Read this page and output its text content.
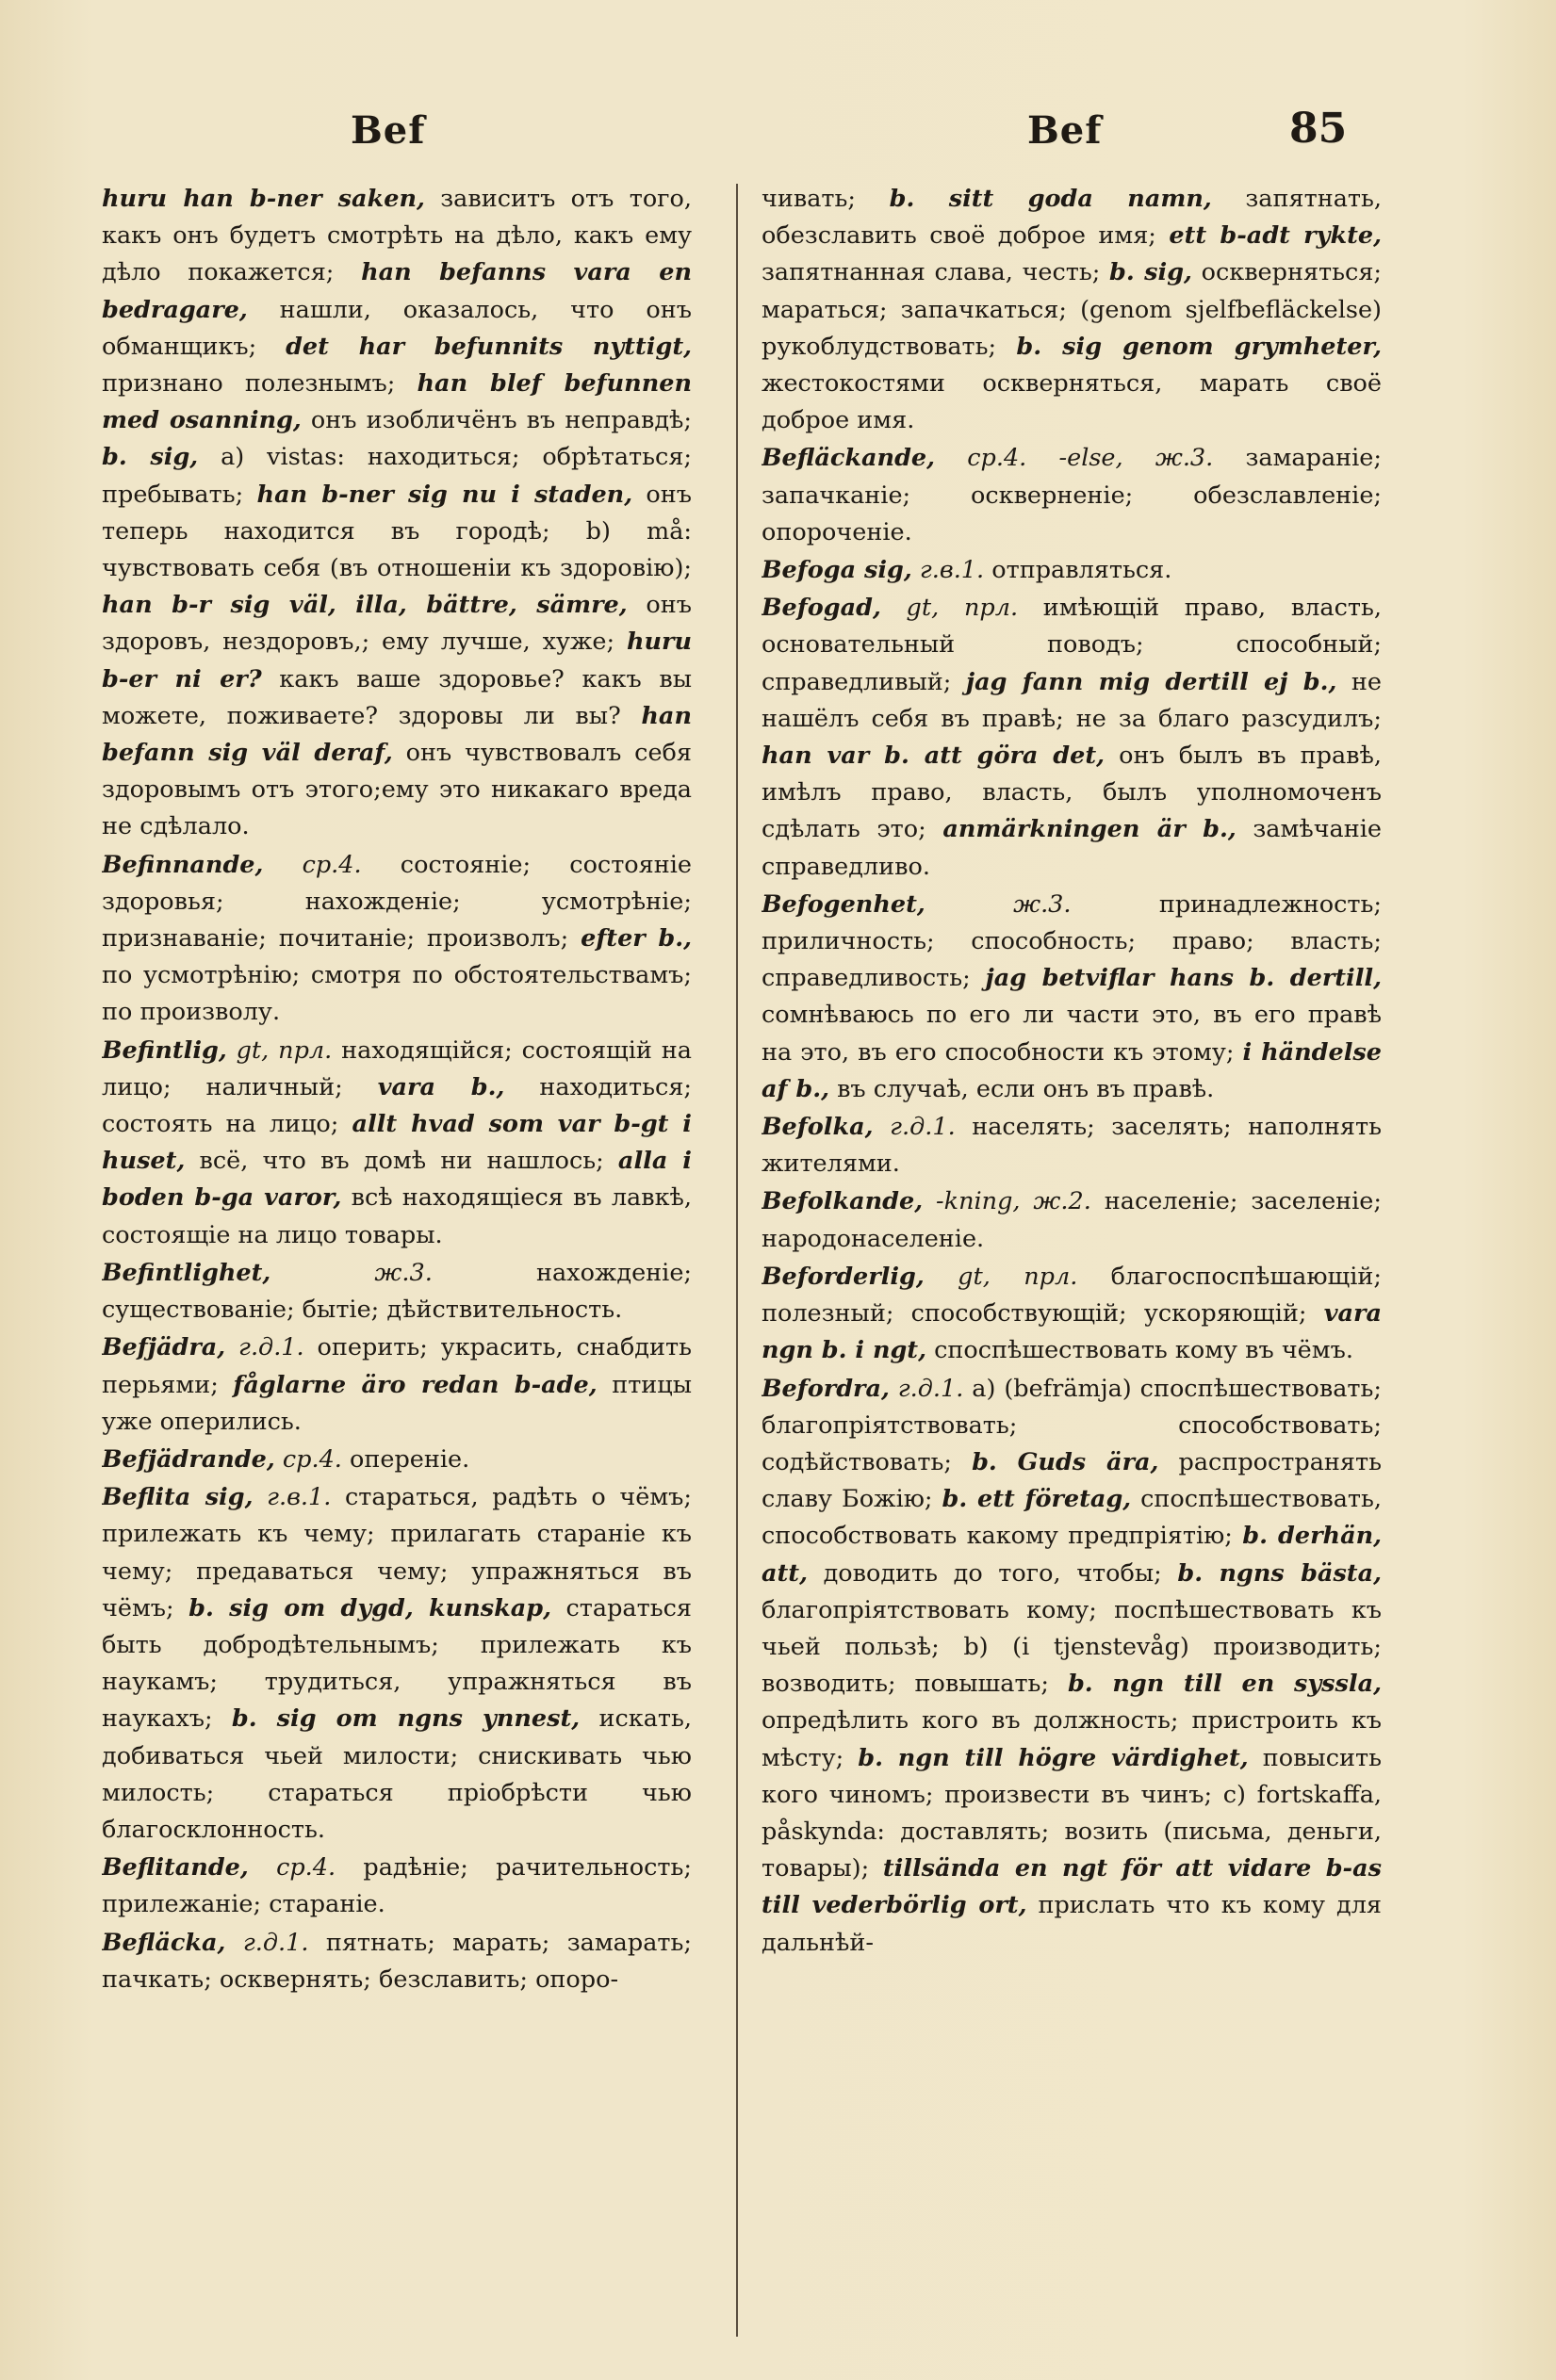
Bef	Bef	85

huru han b-ner saken, зависитъ отъ того, какъ онъ будетъ смотрѣть на дѣло, какъ ему дѣло покажется; han befanns vara en bedragare, нашли, оказалось, что онъ обманщикъ; det har befunnits nyttigt, признано полезнымъ; han blef befunnen med osanning, онъ изобличёнъ въ неправдѣ; b. sig, a) vistas: находиться; обрѣтаться; пребывать; han b-ner sig nu i staden, онъ теперь находится въ городѣ; b) må: чувствовать себя (въ отношеніи къ здоровію); han b-r sig väl, illa, bättre, sämre, онъ здоровъ, нездоровъ,; ему лучше, хуже; huru b-er ni er? какъ ваше здоровье? какъ вы можете, поживаете? здоровы ли вы? han befann sig väl deraf, онъ чувствовалъ себя здоровымъ отъ этого;ему это никакаго вреда не сдѣлало.

Befinnande, ср.4. состояніе; состояніе здоровья; нахожденіе; усмотрѣніе; признаваніе; почитаніе; произволъ; efter b., по усмотрѣнію; смотря по обстоятельствамъ; по произволу.

Befintlig, gt, прл. находящійся; состоящій на лицо; наличный; vara b., находиться; состоять на лицо; allt hvad som var b-gt i huset, всё, что въ домѣ ни нашлось; alla i boden b-ga varor, всѣ находящіеся въ лавкѣ, состоящіе на лицо товары.

Befintlighet, ж.3. нахожденіе; существованіе; бытіе; дѣйствительность.

Befjädra, г.д.1. оперить; украсить, снабдить перьями; fåglarne äro redan b-ade, птицы уже оперились.

Befjädrande, ср.4. опереніе.

Beflita sig, г.в.1. стараться, радѣть о чёмъ; прилежать къ чему; прилагать стараніе къ чему; предаваться чему; упражняться въ чёмъ; b. sig om dygd, kunskap, стараться быть добродѣтельнымъ; прилежать къ наукамъ; трудиться, упражняться въ наукахъ; b. sig om ngns ynnest, искать, добиваться чьей милости; снискивать чью милость; стараться пріобрѣсти чью благосклонность.

Beflitande, ср.4. радѣніе; рачительность; прилежаніе; стараніе.

Befläcka, г.д.1. пятнать; марать; замарать; пачкать; осквернять; безславить; опоро-

чивать; b. sitt goda namn, запятнать, обезславить своё доброе имя; ett b-adt rykte, запятнанная слава, честь; b. sig, оскверняться; мараться; запачкаться; (genom sjelfbefläckelse) рукоблудствовать; b. sig genom grymheter, жестокостями оскверняться, марать своё доброе имя.

Befläckande, ср.4. -else, ж.3. замараніе; запачканіе; оскверненіе; обезславленіе; опороченіе.

Befoga sig, г.в.1. отправляться.

Befogad, gt, прл. имѣющій право, власть, основательный поводъ; способный; справедливый; jag fann mig dertill ej b., не нашёлъ себя въ правѣ; не за благо разсудилъ; han var b. att göra det, онъ былъ въ правѣ, имѣлъ право, власть, былъ уполномоченъ сдѣлать это; anmärkningen är b., замѣчаніе справедливо.

Befogenhet, ж.3. принадлежность; приличность; способность; право; власть; справедливость; jag betviflar hans b. dertill, сомнѣваюсь по его ли части это, въ его правѣ на это, въ его способности къ этому; i händelse af b., въ случаѣ, если онъ въ правѣ.

Befolka, г.д.1. населять; заселять; наполнять жителями.

Befolkande, -kning, ж.2. населеніе; заселеніе; народонаселеніе.

Beforderlig, gt, прл. благоспоспѣшающій; полезный; способствующій; ускоряющій; vara ngn b. i ngt, споспѣшествовать кому въ чёмъ.

Befordra, г.д.1. a) (befrämja) споспѣшествовать; благопріятствовать; способствовать; содѣйствовать; b. Guds ära, распространять славу Божію; b. ett företag, споспѣшествовать, способствовать какому предпріятію; b. derhän, att, доводить до того, чтобы; b. ngns bästa, благопріятствовать кому; поспѣшествовать къ чьей пользѣ; b) (i tjenstevåg) производить; возводить; повышать; b. ngn till en syssla, опредѣлить кого въ должность; пристроить къ мѣсту; b. ngn till högre värdighet, повысить кого чиномъ; произвести въ чинъ; c) fortskaffa, påskynda: доставлять; возить (письма, деньги, товары); tillsända en ngt för att vidare b-as till vederbörlig ort, прислать что къ кому для дальнѣй-
